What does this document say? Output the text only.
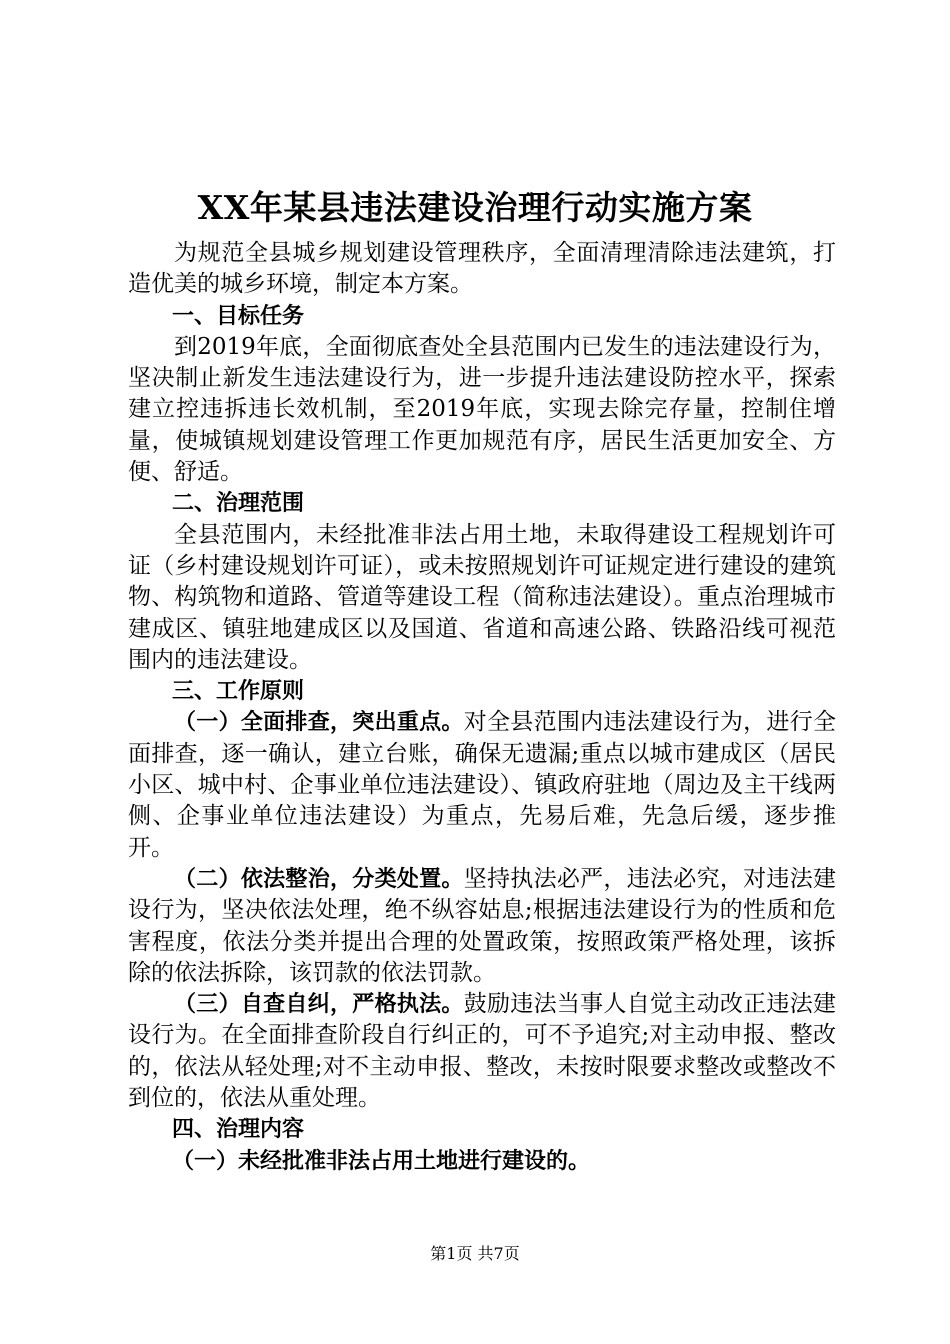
XX年某县违法建设治理行动实施方案

为规范全县城乡规划建设管理秩序，全面清理清除违法建筑，打造优美的城乡环境，制定本方案。

一、目标任务

到2019年底，全面彻底查处全县范围内已发生的违法建设行为，坚决制止新发生违法建设行为，进一步提升违法建设防控水平，探索建立控违拆违长效机制，至2019年底，实现去除完存量，控制住增量，使城镇规划建设管理工作更加规范有序，居民生活更加安全、方便、舒适。

二、治理范围

全县范围内，未经批准非法占用土地，未取得建设工程规划许可证（乡村建设规划许可证），或未按照规划许可证规定进行建设的建筑物、构筑物和道路、管道等建设工程（简称违法建设）。重点治理城市建成区、镇驻地建成区以及国道、省道和高速公路、铁路沿线可视范围内的违法建设。

三、工作原则

（一）全面排查，突出重点。对全县范围内违法建设行为，进行全面排查，逐一确认，建立台账，确保无遗漏;重点以城市建成区（居民小区、城中村、企事业单位违法建设）、镇政府驻地（周边及主干线两侧、企事业单位违法建设）为重点，先易后难，先急后缓，逐步推开。

（二）依法整治，分类处置。坚持执法必严，违法必究，对违法建设行为，坚决依法处理，绝不纵容姑息;根据违法建设行为的性质和危害程度，依法分类并提出合理的处置政策，按照政策严格处理，该拆除的依法拆除，该罚款的依法罚款。

（三）自查自纠，严格执法。鼓励违法当事人自觉主动改正违法建设行为。在全面排查阶段自行纠正的，可不予追究;对主动申报、整改的，依法从轻处理;对不主动申报、整改，未按时限要求整改或整改不到位的，依法从重处理。

四、治理内容

（一）未经批准非法占用土地进行建设的。

第1页 共7页
